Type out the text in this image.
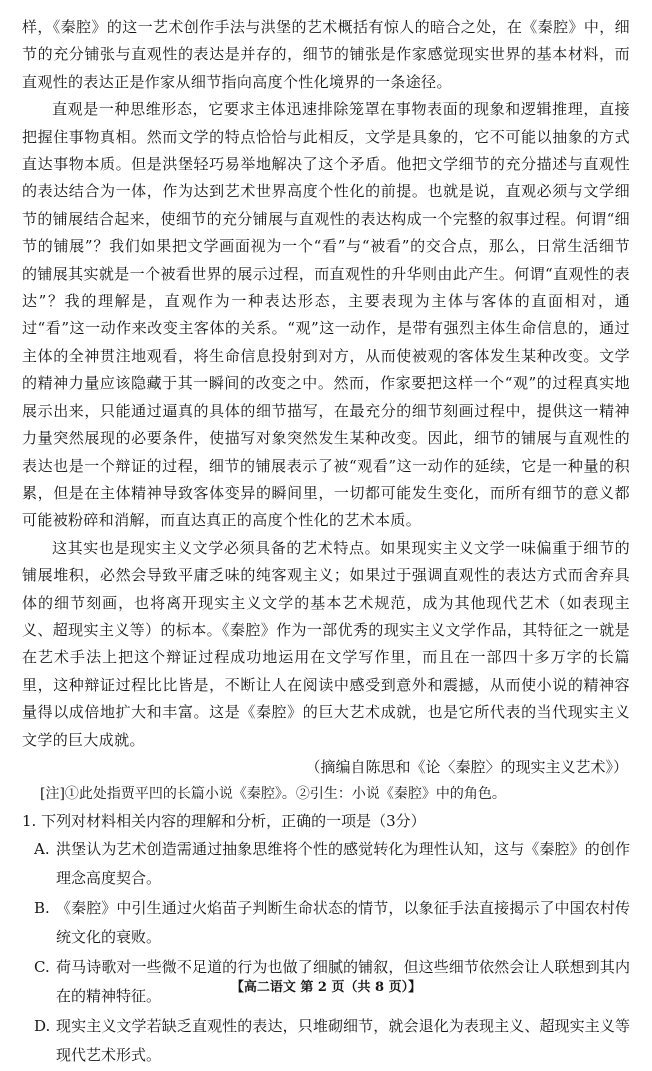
样，《秦腔》的这一艺术创作手法与洪堡的艺术概括有惊人的暗合之处，在《秦腔》中，细节的充分铺张与直观性的表达是并存的，细节的铺张是作家感觉现实世界的基本材料，而直观性的表达正是作家从细节指向高度个性化境界的一条途径。

直观是一种思维形态，它要求主体迅速排除笼罩在事物表面的现象和逻辑推理，直接把握住事物真相。然而文学的特点恰恰与此相反，文学是具象的，它不可能以抽象的方式直达事物本质。但是洪堡轻巧易举地解决了这个矛盾。他把文学细节的充分描述与直观性的表达结合为一体，作为达到艺术世界高度个性化的前提。也就是说，直观必须与文学细节的铺展结合起来，使细节的充分铺展与直观性的表达构成一个完整的叙事过程。何谓“细节的铺展”？我们如果把文学画面视为一个“看”与“被看”的交合点，那么，日常生活细节的铺展其实就是一个被看世界的展示过程，而直观性的升华则由此产生。何谓“直观性的表达”？我的理解是，直观作为一种表达形态，主要表现为主体与客体的直面相对，通过“看”这一动作来改变主客体的关系。“观”这一动作，是带有强烈主体生命信息的，通过主体的全神贯注地观看，将生命信息投射到对方，从而使被观的客体发生某种改变。文学的精神力量应该隐藏于其一瞬间的改变之中。然而，作家要把这样一个“观”的过程真实地展示出来，只能通过逼真的具体的细节描写，在最充分的细节刻画过程中，提供这一精神力量突然展现的必要条件，使描写对象突然发生某种改变。因此，细节的铺展与直观性的表达也是一个辩证的过程，细节的铺展表示了被“观看”这一动作的延续，它是一种量的积累，但是在主体精神导致客体变异的瞬间里，一切都可能发生变化，而所有细节的意义都可能被粉碎和消解，而直达真正的高度个性化的艺术本质。

这其实也是现实主义文学必须具备的艺术特点。如果现实主义文学一味偏重于细节的铺展堆积，必然会导致平庸乏味的纯客观主义；如果过于强调直观性的表达方式而舍弃具体的细节刻画，也将离开现实主义文学的基本艺术规范，成为其他现代艺术（如表现主义、超现实主义等）的标本。《秦腔》作为一部优秀的现实主义文学作品，其特征之一就是在艺术手法上把这个辩证过程成功地运用在文学写作里，而且在一部四十多万字的长篇里，这种辩证过程比比皆是，不断让人在阅读中感受到意外和震撼，从而使小说的精神容量得以成倍地扩大和丰富。这是《秦腔》的巨大艺术成就，也是它所代表的当代现实主义文学的巨大成就。

（摘编自陈思和《论〈秦腔〉的现实主义艺术》）

[注]①此处指贾平凹的长篇小说《秦腔》。②引生：小说《秦腔》中的角色。

1. 下列对材料相关内容的理解和分析，正确的一项是（3分）

A. 洪堡认为艺术创造需通过抽象思维将个性的感觉转化为理性认知，这与《秦腔》的创作理念高度契合。
B. 《秦腔》中引生通过火焰苗子判断生命状态的情节，以象征手法直接揭示了中国农村传统文化的衰败。
C. 荷马诗歌对一些微不足道的行为也做了细腻的铺叙，但这些细节依然会让人联想到其内在的精神特征。
D. 现实主义文学若缺乏直观性的表达，只堆砌细节，就会退化为表现主义、超现实主义等现代艺术形式。
【高二语文 第 2 页（共 8 页）】
